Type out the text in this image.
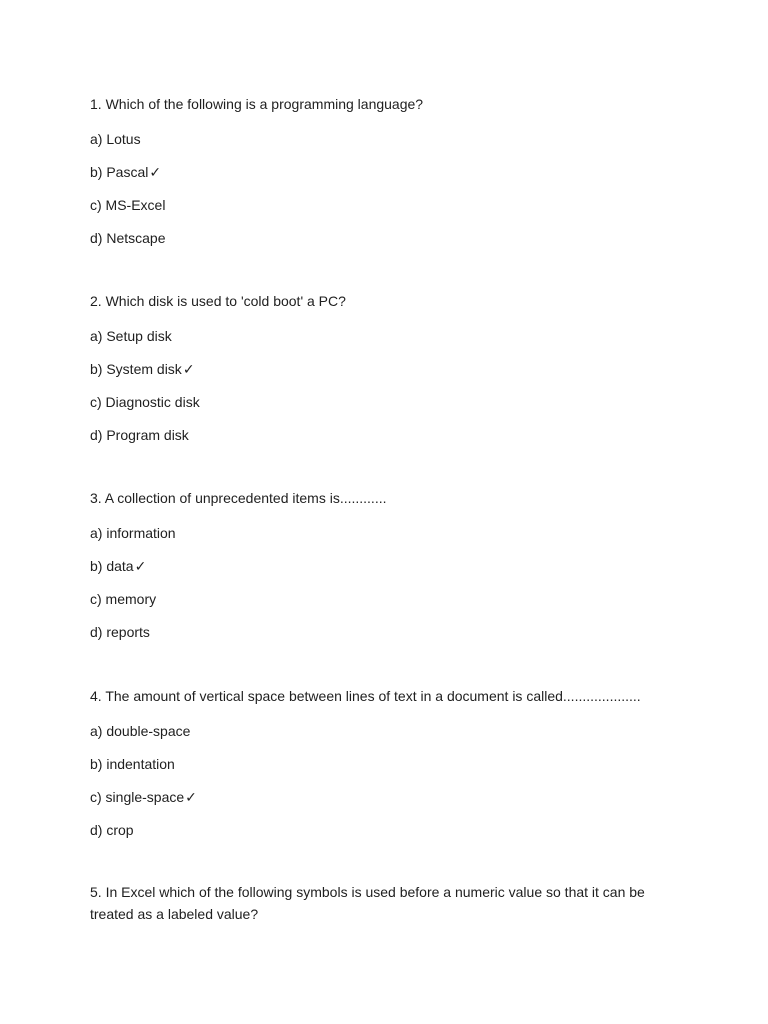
1. Which of the following is a programming language?

a) Lotus

b) Pascal✓

c) MS-Excel

d) Netscape

2. Which disk is used to 'cold boot' a PC?

a) Setup disk

b) System disk✓

c) Diagnostic disk

d) Program disk

3. A collection of unprecedented items is............

a) information

b) data✓

c) memory

d) reports

4. The amount of vertical space between lines of text in a document is called....................

a) double-space

b) indentation

c) single-space✓

d) crop

5. In Excel which of the following symbols is used before a numeric value so that it can be treated as a labeled value?
